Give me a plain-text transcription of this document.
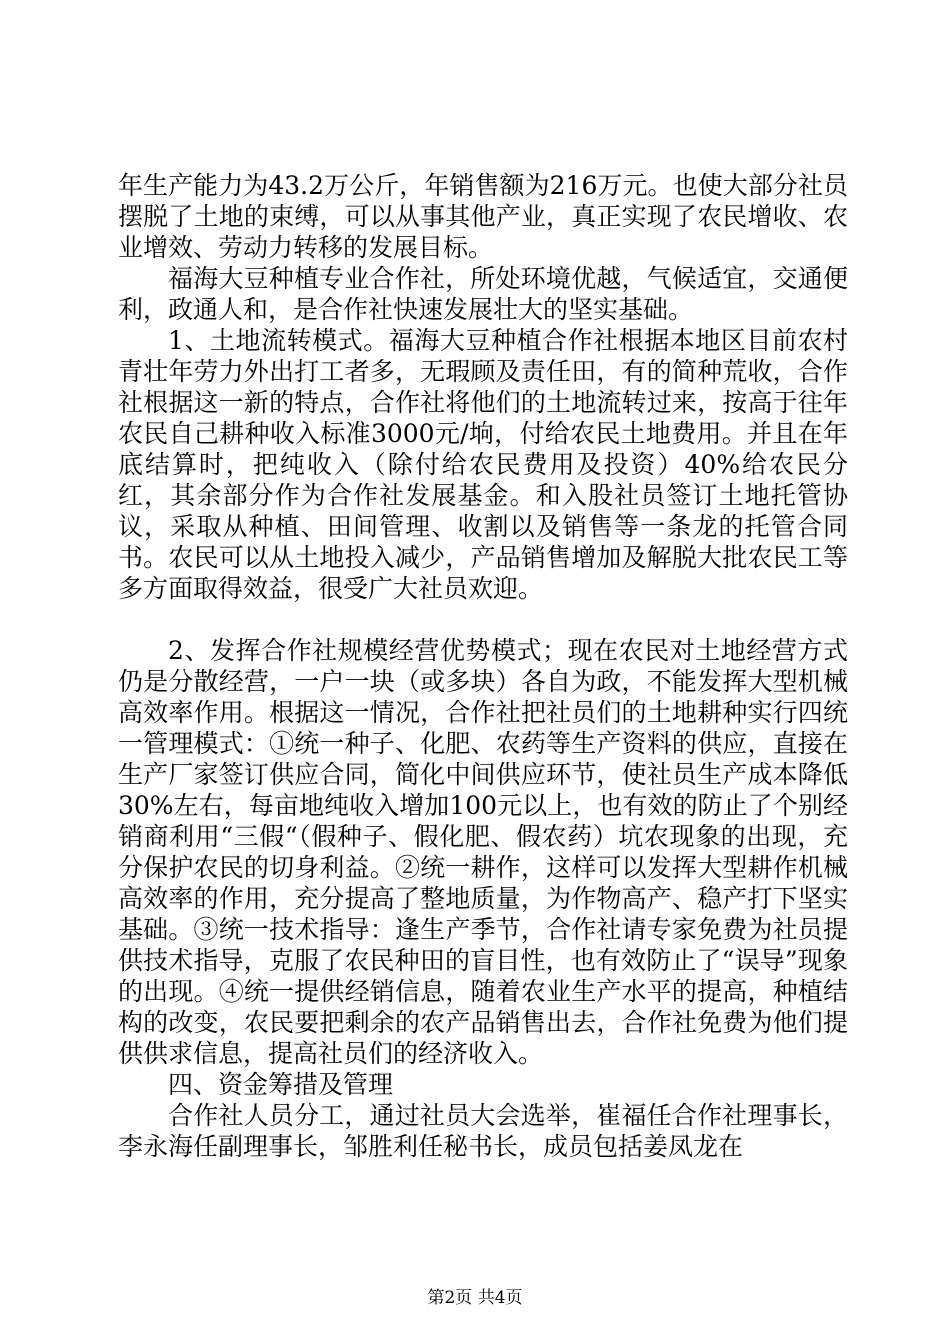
年生产能力为43.2万公斤，年销售额为216万元。也使大部分社员摆脱了土地的束缚，可以从事其他产业，真正实现了农民增收、农业增效、劳动力转移的发展目标。

福海大豆种植专业合作社，所处环境优越，气候适宜，交通便利，政通人和，是合作社快速发展壮大的坚实基础。

1、土地流转模式。福海大豆种植合作社根据本地区目前农村青壮年劳力外出打工者多，无瑕顾及责任田，有的简种荒收，合作社根据这一新的特点，合作社将他们的土地流转过来，按高于往年农民自己耕种收入标准3000元/垧，付给农民土地费用。并且在年底结算时，把纯收入（除付给农民费用及投资）40%给农民分红，其余部分作为合作社发展基金。和入股社员签订土地托管协议，采取从种植、田间管理、收割以及销售等一条龙的托管合同书。农民可以从土地投入减少，产品销售增加及解脱大批农民工等多方面取得效益，很受广大社员欢迎。

2、发挥合作社规模经营优势模式；现在农民对土地经营方式仍是分散经营，一户一块（或多块）各自为政，不能发挥大型机械高效率作用。根据这一情况，合作社把社员们的土地耕种实行四统一管理模式：①统一种子、化肥、农药等生产资料的供应，直接在生产厂家签订供应合同，简化中间供应环节，使社员生产成本降低30%左右，每亩地纯收入增加100元以上，也有效的防止了个别经销商利用“三假“（假种子、假化肥、假农药）坑农现象的出现，充分保护农民的切身利益。②统一耕作，这样可以发挥大型耕作机械高效率的作用，充分提高了整地质量，为作物高产、稳产打下坚实基础。③统一技术指导：逢生产季节，合作社请专家免费为社员提供技术指导，克服了农民种田的盲目性，也有效防止了“误导”现象的出现。④统一提供经销信息，随着农业生产水平的提高，种植结构的改变，农民要把剩余的农产品销售出去，合作社免费为他们提供供求信息，提高社员们的经济收入。

四、资金筹措及管理

合作社人员分工，通过社员大会选举，崔福任合作社理事长，李永海任副理事长，邹胜利任秘书长，成员包括姜凤龙在

第2页 共4页
